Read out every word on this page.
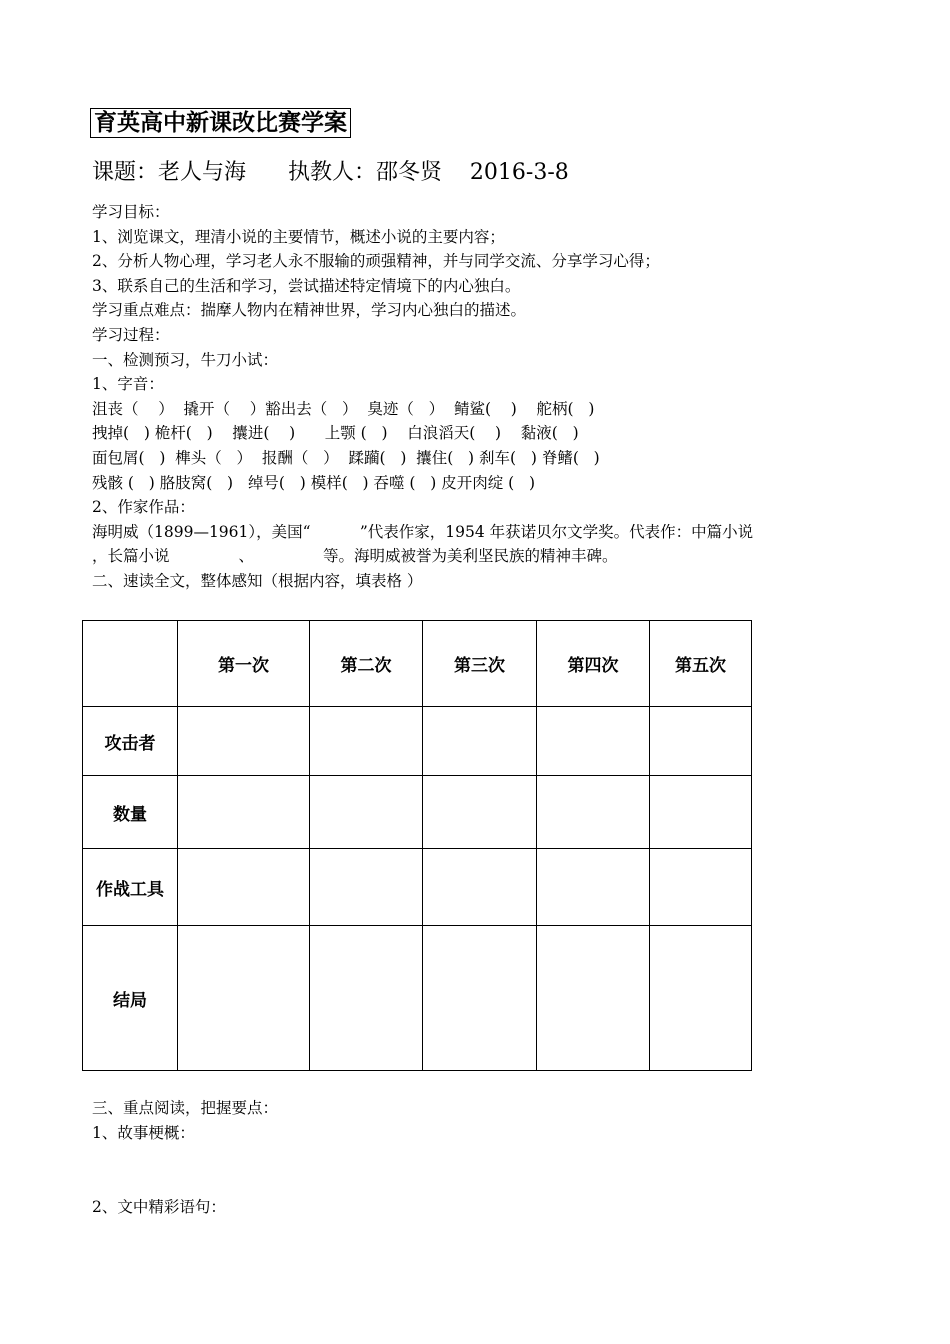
育英高中新课改比赛学案
课题：老人与海      执教人：邵冬贤    2016-3-8
学习目标：
1、浏览课文，理清小说的主要情节，概述小说的主要内容；
2、分析人物心理，学习老人永不服输的顽强精神，并与同学交流、分享学习心得；
3、联系自己的生活和学习，尝试描述特定情境下的内心独白。
学习重点难点：揣摩人物内在精神世界，学习内心独白的描述。
学习过程：
一、检测预习，牛刀小试：
1、字音：
沮丧（    ）  撬开（    ）豁出去（   ）  臭迹（   ）  鲭鲨(    )    舵柄(   )
拽掉(   ) 桅杆(   )    攮进(    )      上颚 (   )    白浪滔天(    )    黏液(   )
面包屑(   )  榫头（   ）  报酬（   ）  蹂躏(   )  攮住(   ) 刹车(   ) 脊鳍(   )
残骸 (   ) 胳肢窝(   )   绰号(   ) 模样(   ) 吞噬 (   ) 皮开肉绽 (   )
2、作家作品：
海明威（1899—1961），美国“          ”代表作家，1954 年获诺贝尔文学奖。代表作：中篇小说
，长篇小说              、              等。海明威被誉为美利坚民族的精神丰碑。
二、速读全文，整体感知（根据内容，填表格 ）
	第一次	第二次	第三次	第四次	第五次
攻击者					
数量					
作战工具					
结局					
三、重点阅读，把握要点：
1、故事梗概：
2、文中精彩语句：
